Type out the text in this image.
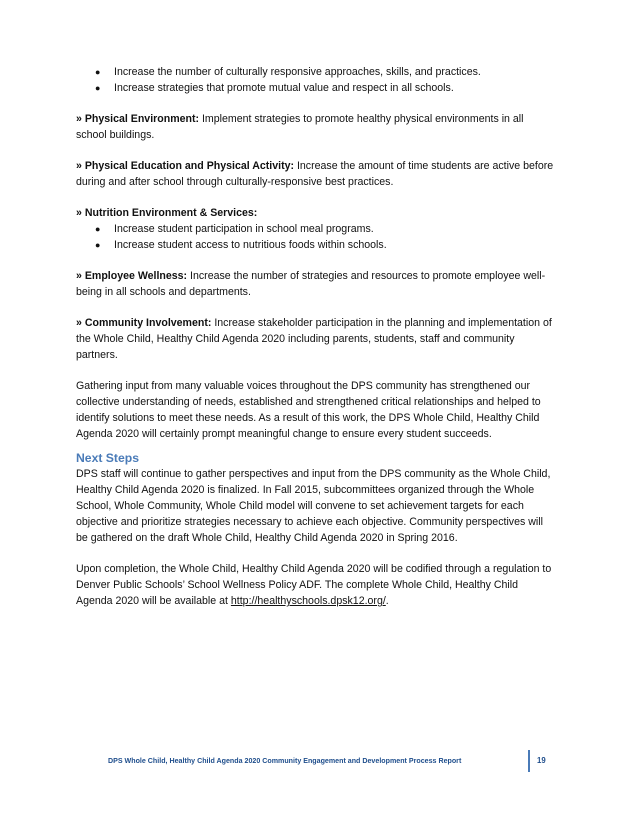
● Increase the number of culturally responsive approaches, skills, and practices.
● Increase strategies that promote mutual value and respect in all schools.

» Physical Environment: Implement strategies to promote healthy physical environments in all school buildings.

» Physical Education and Physical Activity: Increase the amount of time students are active before during and after school through culturally-responsive best practices.

» Nutrition Environment & Services:

● Increase student participation in school meal programs.
● Increase student access to nutritious foods within schools.

» Employee Wellness: Increase the number of strategies and resources to promote employee well-being in all schools and departments.

» Community Involvement: Increase stakeholder participation in the planning and implementation of the Whole Child, Healthy Child Agenda 2020 including parents, students, staff and community partners.

Gathering input from many valuable voices throughout the DPS community has strengthened our collective understanding of needs, established and strengthened critical relationships and helped to identify solutions to meet these needs. As a result of this work, the DPS Whole Child, Healthy Child Agenda 2020 will certainly prompt meaningful change to ensure every student succeeds.

Next Steps

DPS staff will continue to gather perspectives and input from the DPS community as the Whole Child, Healthy Child Agenda 2020 is finalized. In Fall 2015, subcommittees organized through the Whole School, Whole Community, Whole Child model will convene to set achievement targets for each objective and prioritize strategies necessary to achieve each objective. Community perspectives will be gathered on the draft Whole Child, Healthy Child Agenda 2020 in Spring 2016.

Upon completion, the Whole Child, Healthy Child Agenda 2020 will be codified through a regulation to Denver Public Schools’ School Wellness Policy ADF. The complete Whole Child, Healthy Child Agenda 2020 will be available at http://healthyschools.dpsk12.org/.

DPS Whole Child, Healthy Child Agenda 2020 Community Engagement and Development Process Report	19
